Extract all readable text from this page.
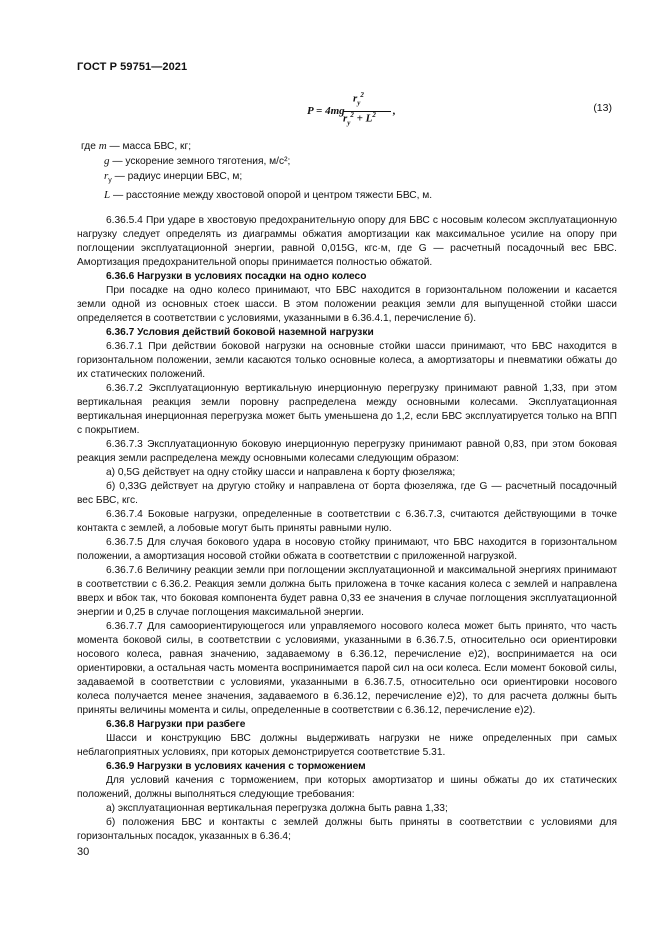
ГОСТ Р 59751—2021
P = 4mg
$r_y^2$
$r_y^2 + L^2$ ,	(13)
где m — масса БВС, кг;
g — ускорение земного тяготения, м/с²;
$r_y$ — радиус инерции БВС, м;
L — расстояние между хвостовой опорой и центром тяжести БВС, м.

6.36.5.4 При ударе в хвостовую предохранительную опору для БВС с носовым колесом эксплуатационную нагрузку следует определять из диаграммы обжатия амортизации как максимальное усилие на опору при поглощении эксплуатационной энергии, равной 0,015G, кгс·м, где G — расчетный посадочный вес БВС. Амортизация предохранительной опоры принимается полностью обжатой.

6.36.6 Нагрузки в условиях посадки на одно колесо

При посадке на одно колесо принимают, что БВС находится в горизонтальном положении и касается земли одной из основных стоек шасси. В этом положении реакция земли для выпущенной стойки шасси определяется в соответствии с условиями, указанными в 6.36.4.1, перечисление б).

6.36.7 Условия действий боковой наземной нагрузки

6.36.7.1 При действии боковой нагрузки на основные стойки шасси принимают, что БВС находится в горизонтальном положении, земли касаются только основные колеса, а амортизаторы и пневматики обжаты до их статических положений.

6.36.7.2 Эксплуатационную вертикальную инерционную перегрузку принимают равной 1,33, при этом вертикальная реакция земли поровну распределена между основными колесами. Эксплуатационная вертикальная инерционная перегрузка может быть уменьшена до 1,2, если БВС эксплуатируется только на ВПП с покрытием.

6.36.7.3 Эксплуатационную боковую инерционную перегрузку принимают равной 0,83, при этом боковая реакция земли распределена между основными колесами следующим образом:

а) 0,5G действует на одну стойку шасси и направлена к борту фюзеляжа;

б) 0,33G действует на другую стойку и направлена от борта фюзеляжа, где G — расчетный посадочный вес БВС, кгс.

6.36.7.4 Боковые нагрузки, определенные в соответствии с 6.36.7.3, считаются действующими в точке контакта с землей, а лобовые могут быть приняты равными нулю.

6.36.7.5 Для случая бокового удара в носовую стойку принимают, что БВС находится в горизонтальном положении, а амортизация носовой стойки обжата в соответствии с приложенной нагрузкой.

6.36.7.6 Величину реакции земли при поглощении эксплуатационной и максимальной энергиях принимают в соответствии с 6.36.2. Реакция земли должна быть приложена в точке касания колеса с землей и направлена вверх и вбок так, что боковая компонента будет равна 0,33 ее значения в случае поглощения эксплуатационной энергии и 0,25 в случае поглощения максимальной энергии.

6.36.7.7 Для самоориентирующегося или управляемого носового колеса может быть принято, что часть момента боковой силы, в соответствии с условиями, указанными в 6.36.7.5, относительно оси ориентировки носового колеса, равная значению, задаваемому в 6.36.12, перечисление е)2), воспринимается на оси ориентировки, а остальная часть момента воспринимается парой сил на оси колеса. Если момент боковой силы, задаваемой в соответствии с условиями, указанными в 6.36.7.5, относительно оси ориентировки носового колеса получается менее значения, задаваемого в 6.36.12, перечисление е)2), то для расчета должны быть приняты величины момента и силы, определенные в соответствии с 6.36.12, перечисление е)2).

6.36.8 Нагрузки при разбеге

Шасси и конструкцию БВС должны выдерживать нагрузки не ниже определенных при самых неблагоприятных условиях, при которых демонстрируется соответствие 5.31.

6.36.9 Нагрузки в условиях качения с торможением

Для условий качения с торможением, при которых амортизатор и шины обжаты до их статических положений, должны выполняться следующие требования:

а) эксплуатационная вертикальная перегрузка должна быть равна 1,33;

б) положения БВС и контакты с землей должны быть приняты в соответствии с условиями для горизонтальных посадок, указанных в 6.36.4;

30
